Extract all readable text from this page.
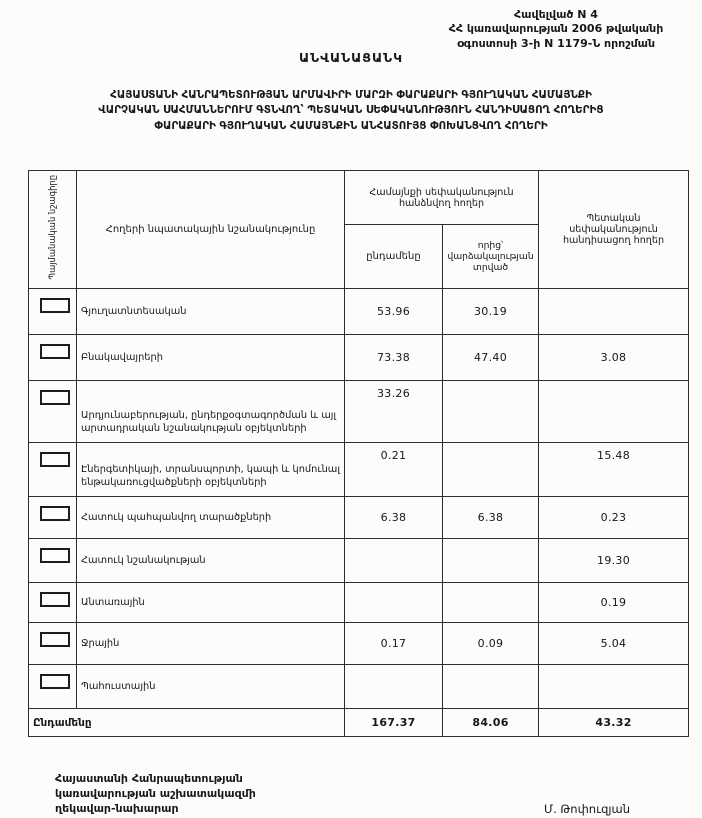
Հավելված N 4
ՀՀ կառավարության 2006 թվականի
օգոստոսի 3-ի N 1179-Ն որոշման
ԱՆՎԱՆԱՑԱՆԿ
ՀԱՅԱՍՏԱՆԻ ՀԱՆՐԱՊԵՏՈՒԹՅԱՆ ԱՐՄԱՎԻՐԻ ՄԱՐԶԻ ՓԱՐԱՔԱՐԻ ԳՅՈՒՂԱԿԱՆ ՀԱՄԱՅՆՔԻ
ՎԱՐՉԱԿԱՆ ՍԱՀՄԱՆՆԵՐՈՒՄ ԳՏՆՎՈՂ՝ ՊԵՏԱԿԱՆ ՍԵՓԱԿԱՆՈՒԹՅՈՒՆ ՀԱՆԴԻՍԱՑՈՂ ՀՈՂԵՐԻՑ
ՓԱՐԱՔԱՐԻ ԳՅՈՒՂԱԿԱՆ ՀԱՄԱՅՆՔԻՆ ԱՆՀԱՏՈՒՅՑ ՓՈԽԱՆՑՎՈՂ ՀՈՂԵՐԻ
Պայմանական նշագիրը	Հողերի նպատակային նշանակությունը	Համայնքի սեփականություն հանձնվող հողեր		Պետական սեփականություն հանդիսացող հողեր
		ընդամենը	որից՝ վարձակալության տրված	

	Գյուղատնտեսական	53.96	30.19	

	Բնակավայրերի	73.38	47.40	3.08

	Արդյունաբերության, ընդերքօգտագործման և այլ արտադրական նշանակության օբյեկտների	33.26		

	Էներգետիկայի, տրանսպորտի, կապի և կոմունալ ենթակառուցվածքների օբյեկտների	0.21		15.48

	Հատուկ պահպանվող տարածքների	6.38	6.38	0.23

	Հատուկ նշանակության			19.30

	Անտառային			0.19

	Ջրային	0.17	0.09	5.04

	Պահուստային			
Ընդամենը		167.37	84.06	43.32
Հայաստանի Հանրապետության
կառավարության աշխատակազմի
ղեկավար-նախարար	Մ. Թոփուզյան
